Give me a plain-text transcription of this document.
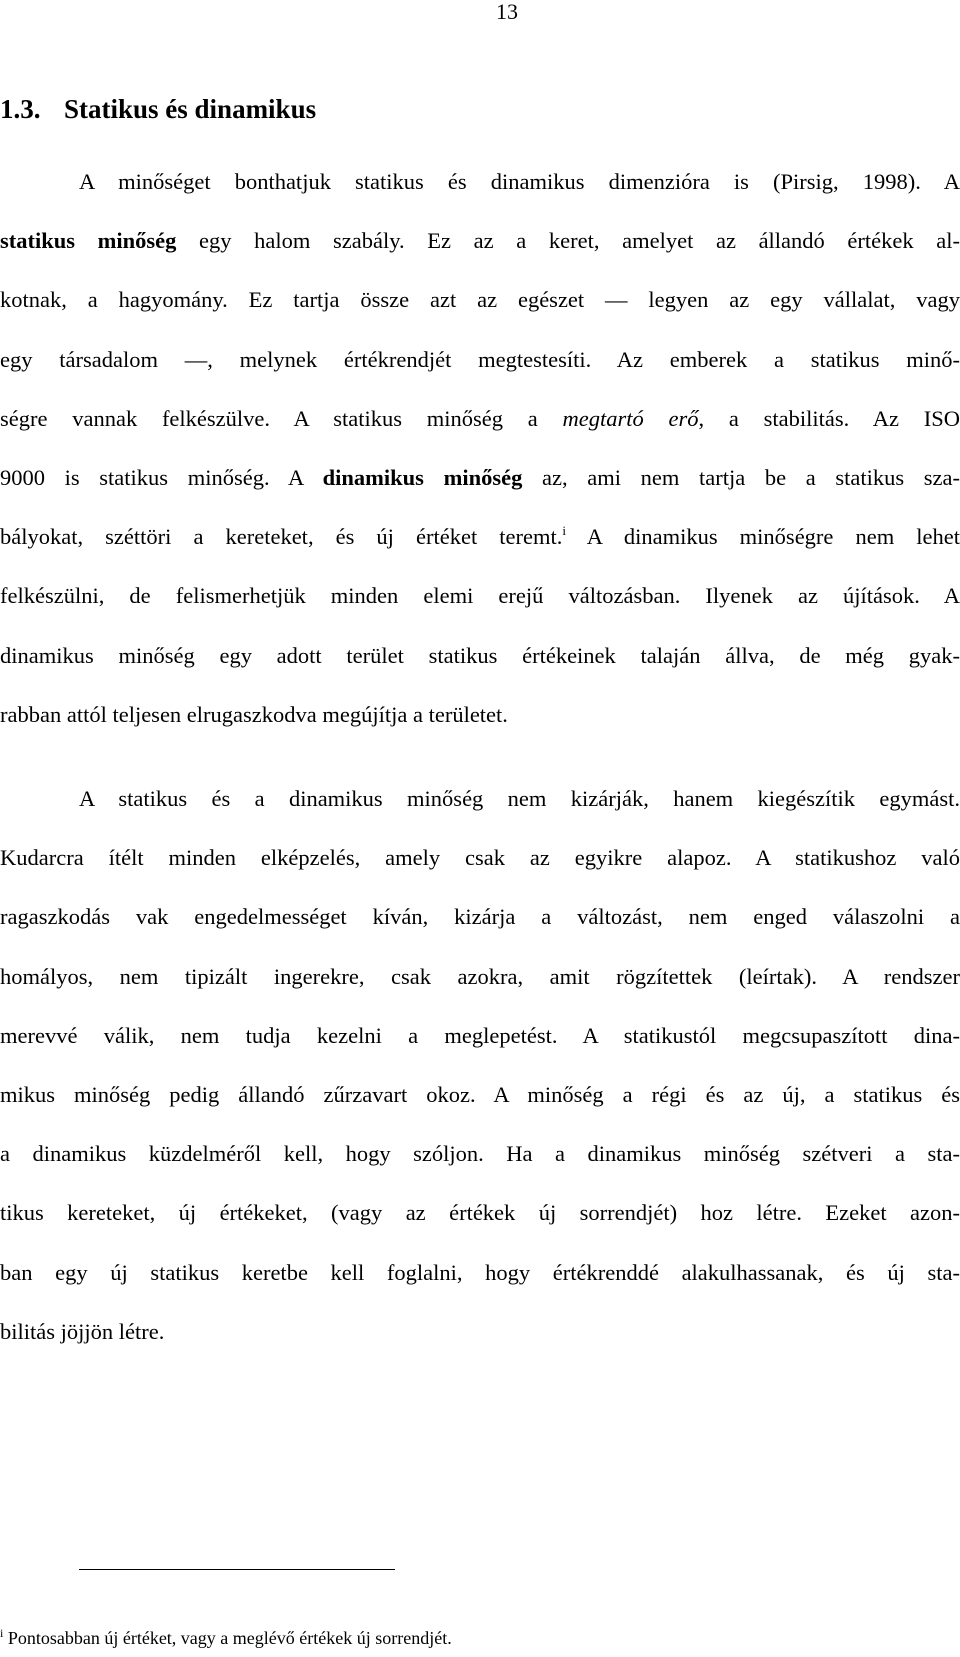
13
1.3. Statikus és dinamikus
A minőséget bonthatjuk statikus és dinamikus dimenzióra is (Pirsig, 1998). A
statikus minőség egy halom szabály. Ez az a keret, amelyet az állandó értékek al-
kotnak, a hagyomány. Ez tartja össze azt az egészet — legyen az egy vállalat, vagy
egy társadalom —, melynek értékrendjét megtestesíti. Az emberek a statikus minő-
ségre vannak felkészülve. A statikus minőség a megtartó erő, a stabilitás. Az ISO
9000 is statikus minőség. A dinamikus minőség az, ami nem tartja be a statikus sza-
bályokat, széttöri a kereteket, és új értéket teremt.$^i$ A dinamikus minőségre nem lehet
felkészülni, de felismerhetjük minden elemi erejű változásban. Ilyenek az újítások. A
dinamikus minőség egy adott terület statikus értékeinek talaján állva, de még gyak-
rabban attól teljesen elrugaszkodva megújítja a területet.
A statikus és a dinamikus minőség nem kizárják, hanem kiegészítik egymást.
Kudarcra ítélt minden elképzelés, amely csak az egyikre alapoz. A statikushoz való
ragaszkodás vak engedelmességet kíván, kizárja a változást, nem enged válaszolni a
homályos, nem tipizált ingerekre, csak azokra, amit rögzítettek (leírtak). A rendszer
merevvé válik, nem tudja kezelni a meglepetést. A statikustól megcsupaszított dina-
mikus minőség pedig állandó zűrzavart okoz. A minőség a régi és az új, a statikus és
a dinamikus küzdelméről kell, hogy szóljon. Ha a dinamikus minőség szétveri a sta-
tikus kereteket, új értékeket, (vagy az értékek új sorrendjét) hoz létre. Ezeket azon-
ban egy új statikus keretbe kell foglalni, hogy értékrenddé alakulhassanak, és új sta-
bilitás jöjjön létre.
$^i$ Pontosabban új értéket, vagy a meglévő értékek új sorrendjét.
